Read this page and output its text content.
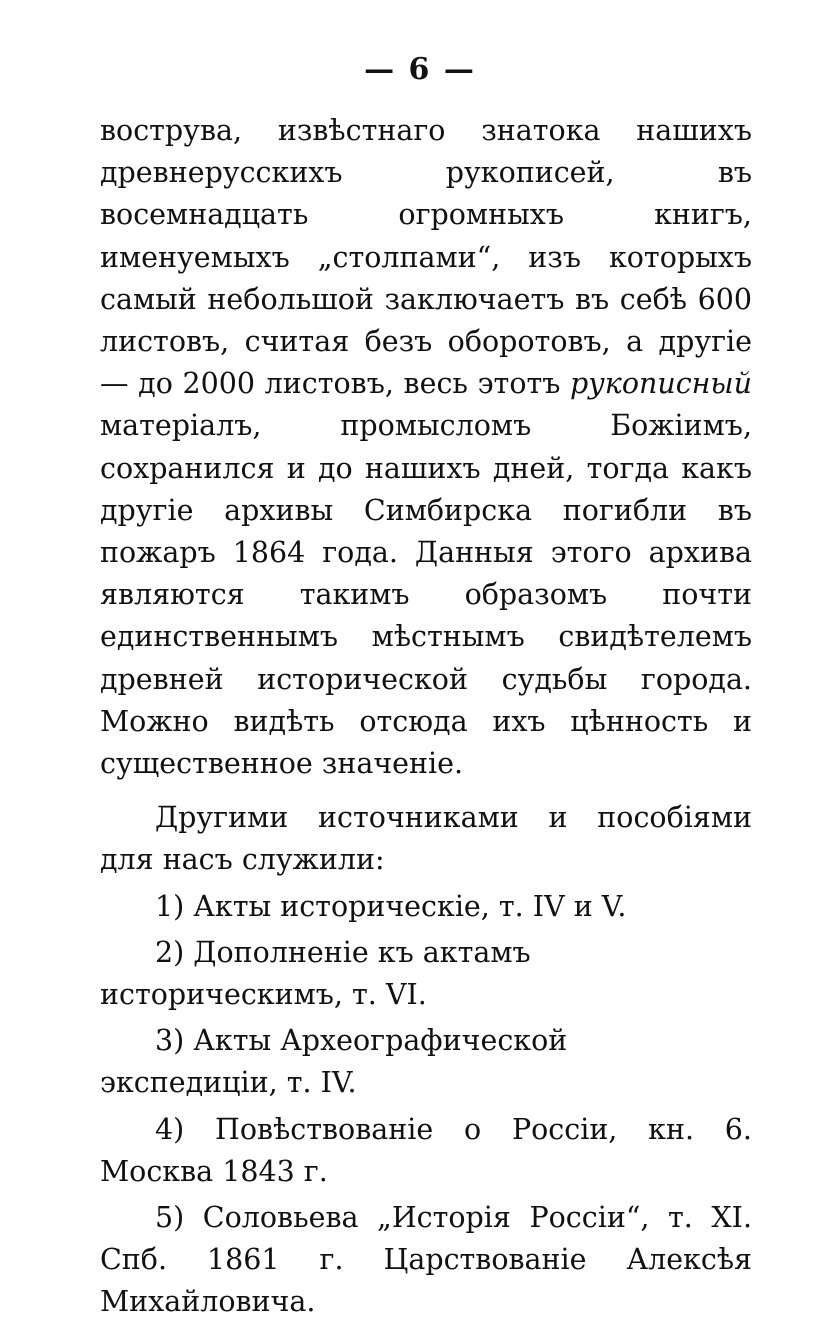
— 6 —

вострува, извѣстнаго знатока нашихъ древнерусскихъ рукописей, въ восемнадцать огромныхъ книгъ, именуемыхъ „столпами“, изъ которыхъ самый небольшой заключаетъ въ себѣ 600 листовъ, считая безъ оборотовъ, а другіе — до 2000 листовъ, весь этотъ рукописный матеріалъ, промысломъ Божіимъ, сохранился и до нашихъ дней, тогда какъ другіе архивы Симбирска погибли въ пожаръ 1864 года. Данныя этого архива являются такимъ образомъ почти единственнымъ мѣстнымъ свидѣтелемъ древней исторической судьбы города. Можно видѣть отсюда ихъ цѣнность и существенное значеніе.

Другими источниками и пособіями для насъ служили:

1) Акты историческіе, т. IV и V.

2) Дополненіе къ актамъ историческимъ, т. VI.

3) Акты Археографической экспедиціи, т. IV.

4) Повѣствованіе о Россіи, кн. 6. Москва 1843 г.

5) Соловьева „Исторія Россіи“, т. XI. Спб. 1861 г. Царствованіе Алексѣя Михайловича.
